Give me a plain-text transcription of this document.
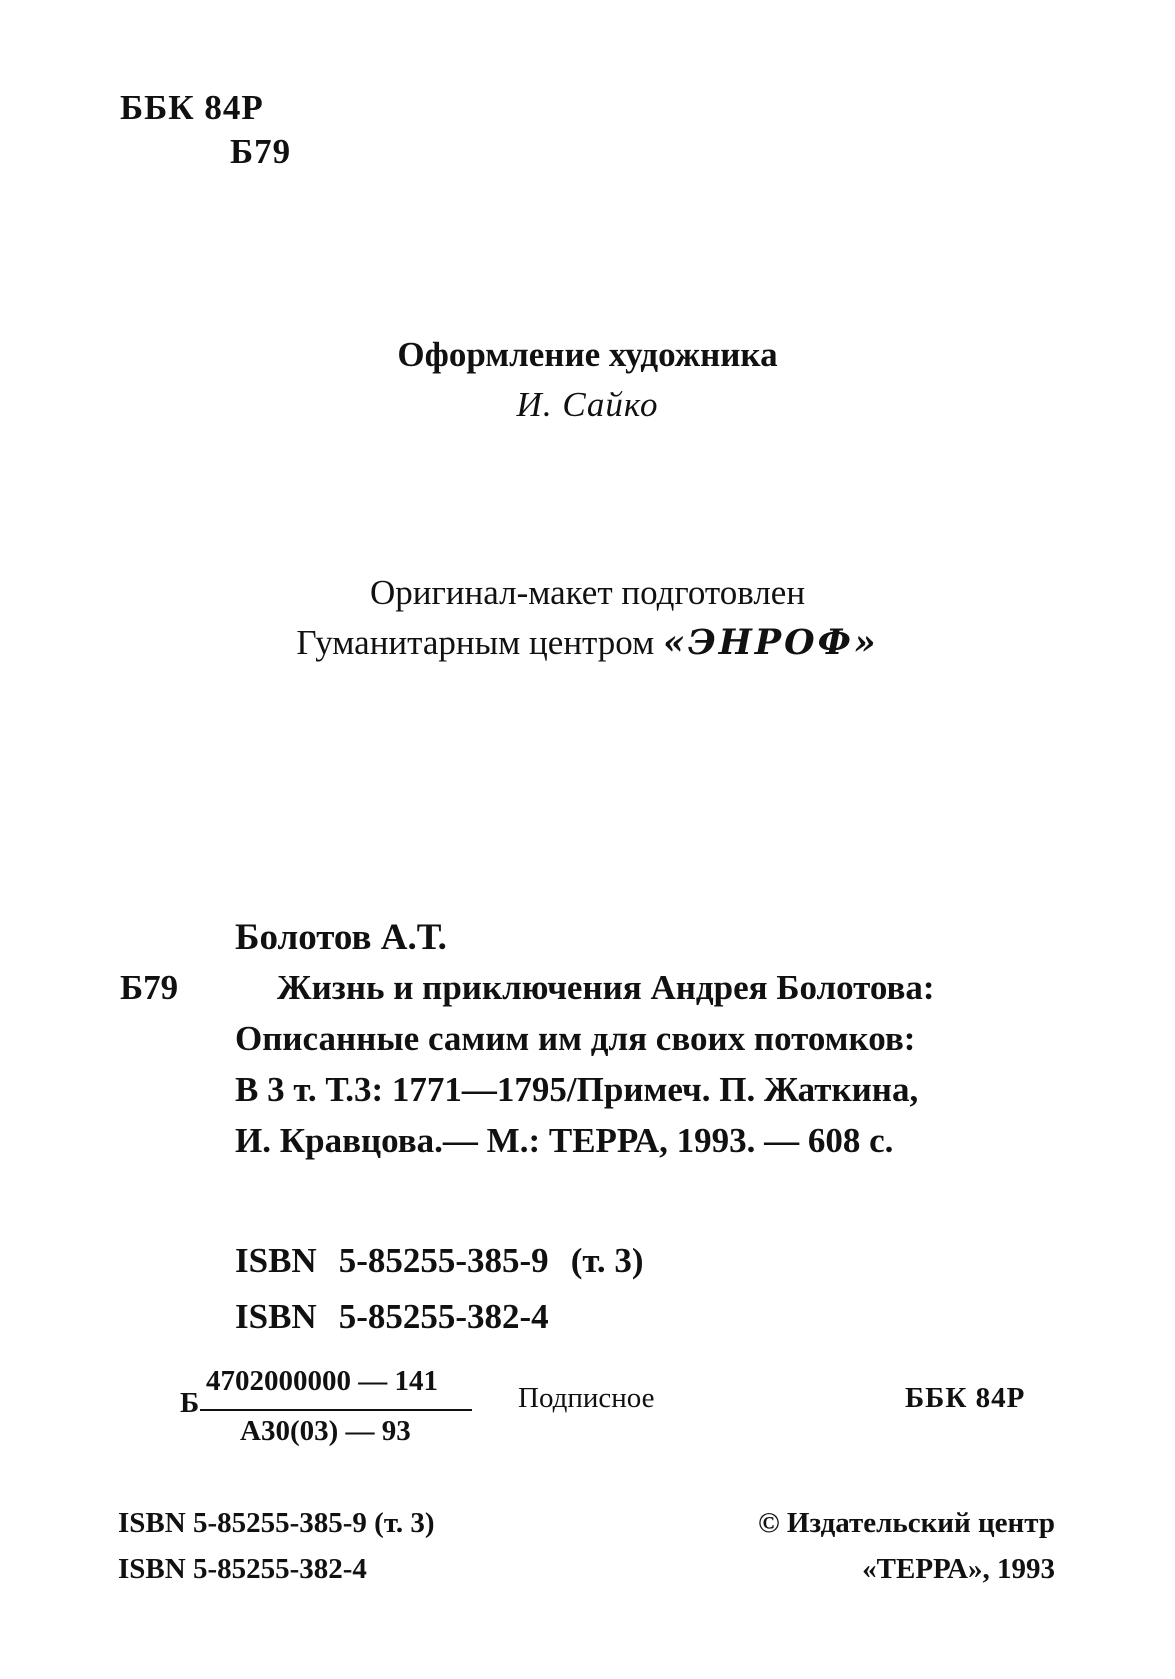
ББК 84Р
Б79
Оформление художника
И. Сайко
Оригинал-макет подготовлен
Гуманитарным центром «ЭНРОФ»
Болотов А.Т.
Б79	Жизнь и приключения Андрея Болотова:
Описанные самим им для своих потомков:
В 3 т. Т.3: 1771—1795/Примеч. П. Жаткина,
И. Кравцова.— М.: ТЕРРА, 1993. — 608 с.
ISBN 5-85255-385-9 (т. 3)
ISBN 5-85255-382-4
Б
4702000000 — 141
А30(03) — 93
Подписное	ББК 84Р
ISBN 5-85255-385-9 (т. 3)
ISBN 5-85255-382-4
© Издательский центр
«ТЕРРА», 1993
